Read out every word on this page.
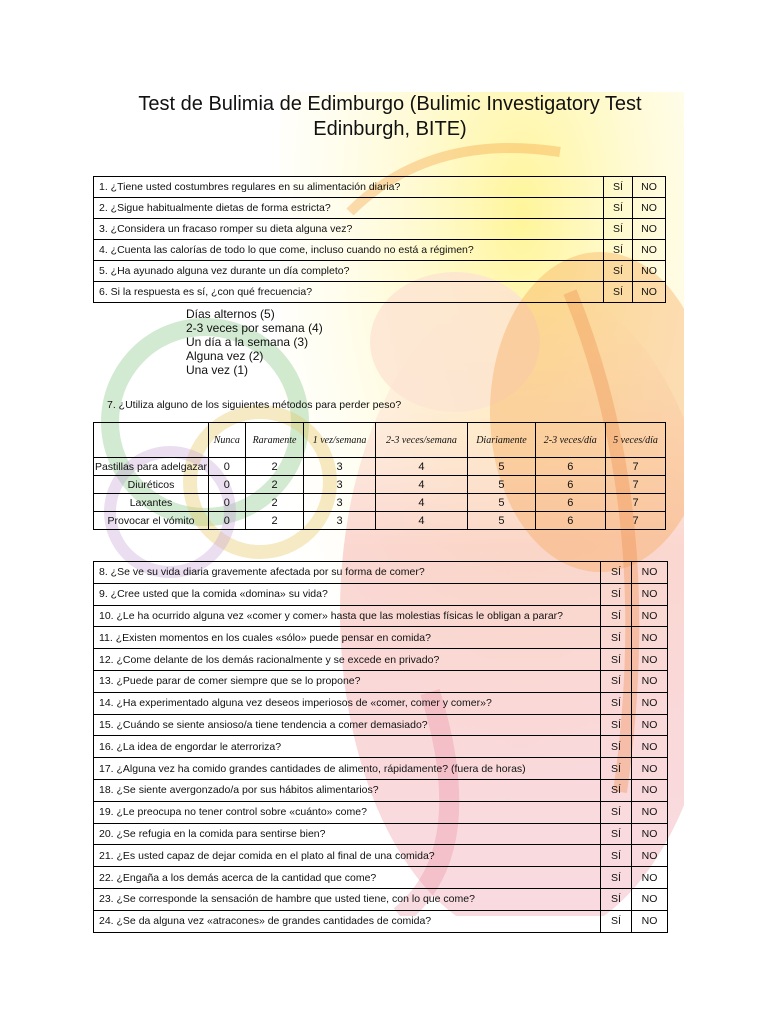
Test de Bulimia de Edimburgo (Bulimic Investigatory Test Edinburgh, BITE)
1. ¿Tiene usted costumbres regulares en su alimentación diaria?	SÍ	NO
2. ¿Sigue habitualmente dietas de forma estricta?	SÍ	NO
3. ¿Considera un fracaso romper su dieta alguna vez?	SÍ	NO
4. ¿Cuenta las calorías de todo lo que come, incluso cuando no está a régimen?	SÍ	NO
5. ¿Ha ayunado alguna vez durante un día completo?	SÍ	NO
6. Si la respuesta es sí, ¿con qué frecuencia?	SÍ	NO
Días alternos (5)
2-3 veces por semana (4)
Un día a la semana (3)
Alguna vez (2)
Una vez (1)
7. ¿Utiliza alguno de los siguientes métodos para perder peso?
	Nunca	Raramente	1 vez/semana	2-3 veces/semana	Diariamente	2-3 veces/día	5 veces/día
Pastillas para adelgazar	0	2	3	4	5	6	7
Diuréticos	0	2	3	4	5	6	7
Laxantes	0	2	3	4	5	6	7
Provocar el vómito	0	2	3	4	5	6	7
8. ¿Se ve su vida diaria gravemente afectada por su forma de comer?	SÍ	NO
9. ¿Cree usted que la comida «domina» su vida?	SÍ	NO
10. ¿Le ha ocurrido alguna vez «comer y comer» hasta que las molestias físicas le obligan a parar?	SÍ	NO
11. ¿Existen momentos en los cuales «sólo» puede pensar en comida?	SÍ	NO
12. ¿Come delante de los demás racionalmente y se excede en privado?	SÍ	NO
13. ¿Puede parar de comer siempre que se lo propone?	SÍ	NO
14. ¿Ha experimentado alguna vez deseos imperiosos de «comer, comer y comer»?	SÍ	NO
15. ¿Cuándo se siente ansioso/a tiene tendencia a comer demasiado?	SÍ	NO
16. ¿La idea de engordar le aterroriza?	SÍ	NO
17. ¿Alguna vez ha comido grandes cantidades de alimento, rápidamente? (fuera de horas)	SÍ	NO
18. ¿Se siente avergonzado/a por sus hábitos alimentarios?	SÍ	NO
19. ¿Le preocupa no tener control sobre «cuánto» come?	SÍ	NO
20. ¿Se refugia en la comida para sentirse bien?	SÍ	NO
21. ¿Es usted capaz de dejar comida en el plato al final de una comida?	SÍ	NO
22. ¿Engaña a los demás acerca de la cantidad que come?	SÍ	NO
23. ¿Se corresponde la sensación de hambre que usted tiene, con lo que come?	SÍ	NO
24. ¿Se da alguna vez «atracones» de grandes cantidades de comida?	SÍ	NO
